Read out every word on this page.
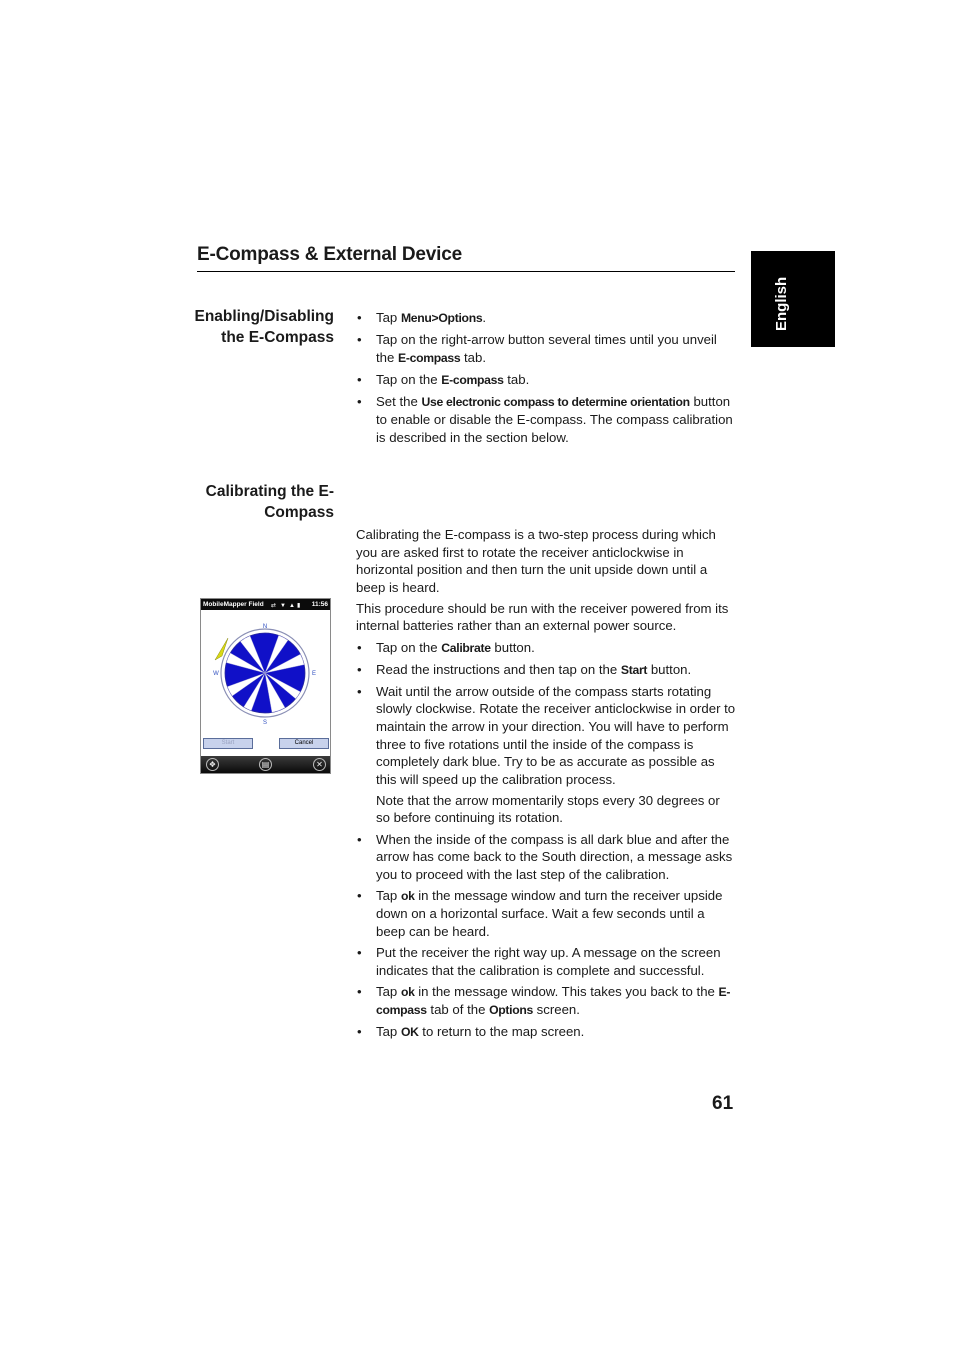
E-Compass & External Device
English
Enabling/Disabling
the E-Compass
• Tap Menu>Options.
• Tap on the right-arrow button several times until you unveil the E-compass tab.
• Tap on the E-compass tab.
• Set the Use electronic compass to determine orientation button to enable or disable the E-compass. The compass calibration is described in the section below.
Calibrating the E-
Compass

Calibrating the E-compass is a two-step process during which you are asked first to rotate the receiver anticlockwise in horizontal position and then turn the unit upside down until a beep is heard.

This procedure should be run with the receiver powered from its internal batteries rather than an external power source.

• Tap on the Calibrate button.
• Read the instructions and then tap on the Start button.
• Wait until the arrow outside of the compass starts rotating slowly clockwise. Rotate the receiver anticlockwise in order to maintain the arrow in your direction. You will have to perform three to five rotations until the inside of the compass is completely dark blue. Try to be as accurate as possible as this will speed up the calibration process.

Note that the arrow momentarily stops every 30 degrees or so before continuing its rotation.

• When the inside of the compass is all dark blue and after the arrow has come back to the South direction, a message asks you to proceed with the last step of the calibration.
• Tap ok in the message window and turn the receiver upside down on a horizontal surface. Wait a few seconds until a beep can be heard.
• Put the receiver the right way up. A message on the screen indicates that the calibration is complete and successful.
• Tap ok in the message window. This takes you back to the E-compass tab of the Options screen.
• Tap OK to return to the map screen.
MobileMapper Field ⇄ ▼ ▲ ▮ 11:56
N
E
S
W
Start	Cancel
❖	▤	✕
61
